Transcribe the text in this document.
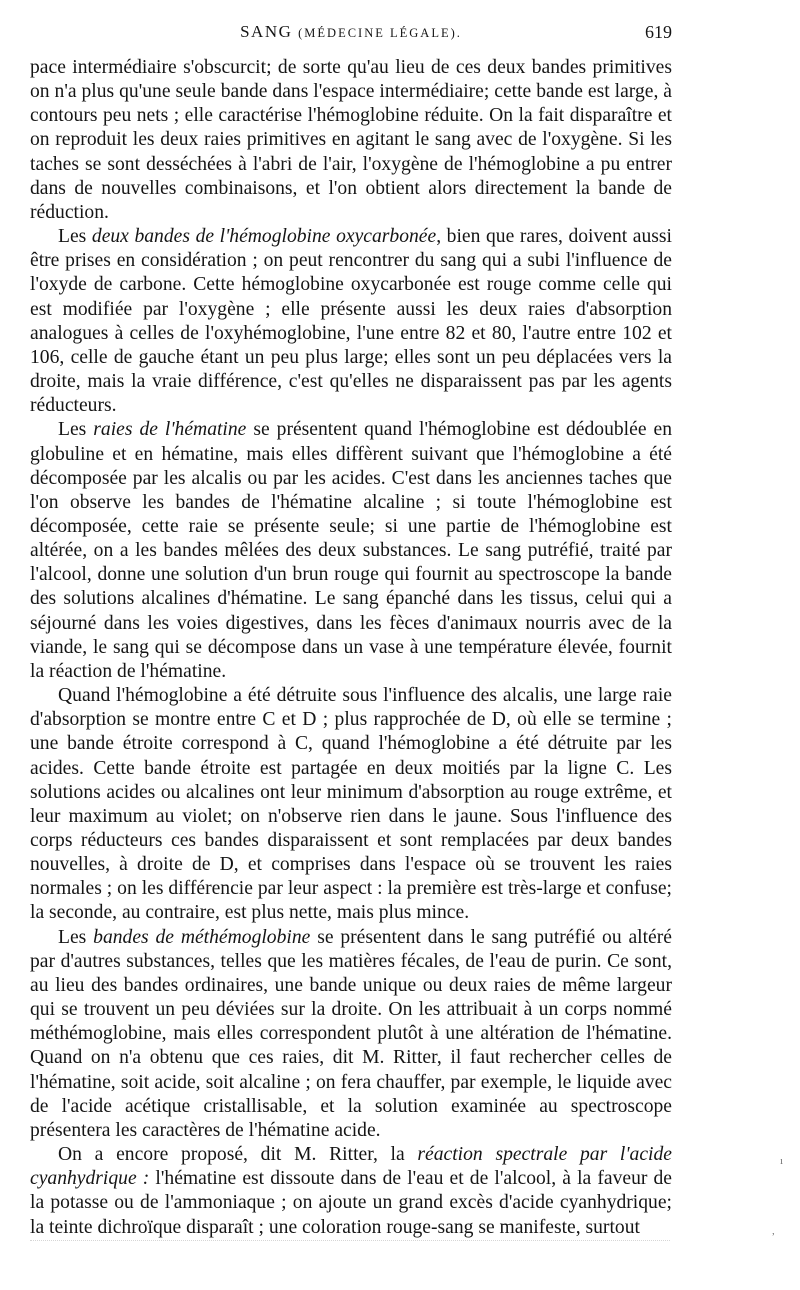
SANG (MÉDECINE LÉGALE).	619

pace intermédiaire s'obscurcit; de sorte qu'au lieu de ces deux bandes primitives on n'a plus qu'une seule bande dans l'espace intermédiaire; cette bande est large, à contours peu nets ; elle caractérise l'hémoglobine réduite. On la fait disparaître et on reproduit les deux raies primitives en agitant le sang avec de l'oxygène. Si les taches se sont desséchées à l'abri de l'air, l'oxygène de l'hémoglobine a pu entrer dans de nouvelles combinaisons, et l'on obtient alors directement la bande de réduction.

Les deux bandes de l'hémoglobine oxycarbonée, bien que rares, doivent aussi être prises en considération ; on peut rencontrer du sang qui a subi l'influence de l'oxyde de carbone. Cette hémoglobine oxycarbonée est rouge comme celle qui est modifiée par l'oxygène ; elle présente aussi les deux raies d'absorption analogues à celles de l'oxyhémoglobine, l'une entre 82 et 80, l'autre entre 102 et 106, celle de gauche étant un peu plus large; elles sont un peu déplacées vers la droite, mais la vraie différence, c'est qu'elles ne disparaissent pas par les agents réducteurs.

Les raies de l'hématine se présentent quand l'hémoglobine est dédoublée en globuline et en hématine, mais elles diffèrent suivant que l'hémoglobine a été décomposée par les alcalis ou par les acides. C'est dans les anciennes taches que l'on observe les bandes de l'hématine alcaline ; si toute l'hémoglobine est décomposée, cette raie se présente seule; si une partie de l'hémoglobine est altérée, on a les bandes mêlées des deux substances. Le sang putréfié, traité par l'alcool, donne une solution d'un brun rouge qui fournit au spectroscope la bande des solutions alcalines d'hématine. Le sang épanché dans les tissus, celui qui a séjourné dans les voies digestives, dans les fèces d'animaux nourris avec de la viande, le sang qui se décompose dans un vase à une température élevée, fournit la réaction de l'hématine.

Quand l'hémoglobine a été détruite sous l'influence des alcalis, une large raie d'absorption se montre entre C et D ; plus rapprochée de D, où elle se termine ; une bande étroite correspond à C, quand l'hémoglobine a été détruite par les acides. Cette bande étroite est partagée en deux moitiés par la ligne C. Les solutions acides ou alcalines ont leur minimum d'absorption au rouge extrême, et leur maximum au violet; on n'observe rien dans le jaune. Sous l'influence des corps réducteurs ces bandes disparaissent et sont remplacées par deux bandes nouvelles, à droite de D, et comprises dans l'espace où se trouvent les raies normales ; on les différencie par leur aspect : la première est très-large et confuse; la seconde, au contraire, est plus nette, mais plus mince.

Les bandes de méthémoglobine se présentent dans le sang putréfié ou altéré par d'autres substances, telles que les matières fécales, de l'eau de purin. Ce sont, au lieu des bandes ordinaires, une bande unique ou deux raies de même largeur qui se trouvent un peu déviées sur la droite. On les attribuait à un corps nommé méthémoglobine, mais elles correspondent plutôt à une altération de l'hématine. Quand on n'a obtenu que ces raies, dit M. Ritter, il faut rechercher celles de l'hématine, soit acide, soit alcaline ; on fera chauffer, par exemple, le liquide avec de l'acide acétique cristallisable, et la solution examinée au spectroscope présentera les caractères de l'hématine acide.

On a encore proposé, dit M. Ritter, la réaction spectrale par l'acide cyanhydrique : l'hématine est dissoute dans de l'eau et de l'alcool, à la faveur de la potasse ou de l'ammoniaque ; on ajoute un grand excès d'acide cyanhydrique; la teinte dichroïque disparaît ; une coloration rouge-sang se manifeste, surtout

ı
,
